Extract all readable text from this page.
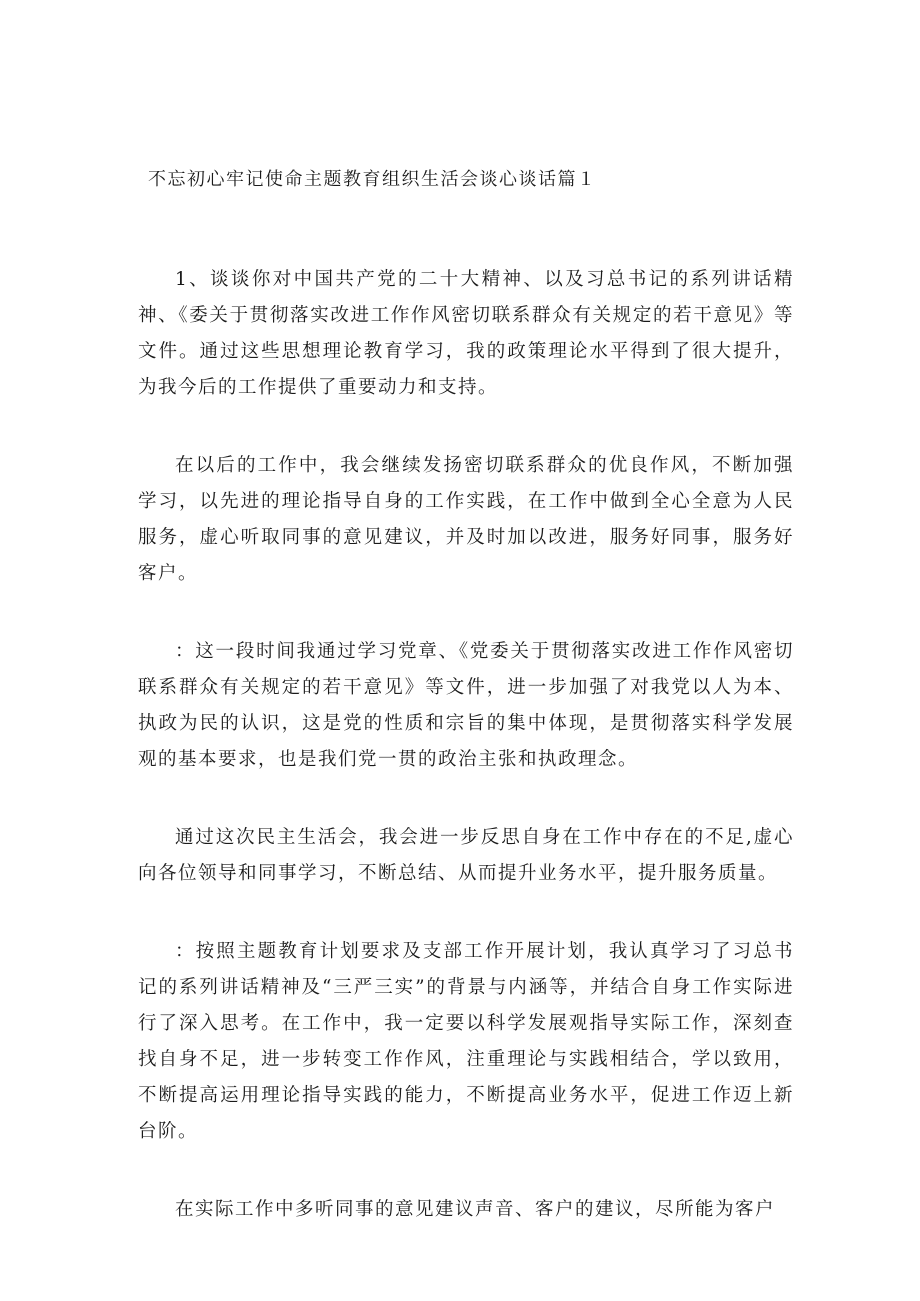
不忘初心牢记使命主题教育组织生活会谈心谈话篇１

1、谈谈你对中国共产党的二十大精神、以及习总书记的系列讲话精神、《委关于贯彻落实改进工作作风密切联系群众有关规定的若干意见》等文件。通过这些思想理论教育学习，我的政策理论水平得到了很大提升，为我今后的工作提供了重要动力和支持。

在以后的工作中，我会继续发扬密切联系群众的优良作风，不断加强学习，以先进的理论指导自身的工作实践，在工作中做到全心全意为人民服务，虚心听取同事的意见建议，并及时加以改进，服务好同事，服务好客户。

：这一段时间我通过学习党章、《党委关于贯彻落实改进工作作风密切联系群众有关规定的若干意见》等文件，进一步加强了对我党以人为本、执政为民的认识，这是党的性质和宗旨的集中体现，是贯彻落实科学发展观的基本要求，也是我们党一贯的政治主张和执政理念。

通过这次民主生活会，我会进一步反思自身在工作中存在的不足,虚心向各位领导和同事学习，不断总结、从而提升业务水平，提升服务质量。

：按照主题教育计划要求及支部工作开展计划，我认真学习了习总书记的系列讲话精神及“三严三实”的背景与内涵等，并结合自身工作实际进行了深入思考。在工作中，我一定要以科学发展观指导实际工作，深刻查找自身不足，进一步转变工作作风，注重理论与实践相结合，学以致用，不断提高运用理论指导实践的能力，不断提高业务水平，促进工作迈上新台阶。

在实际工作中多听同事的意见建议声音、客户的建议，尽所能为客户
